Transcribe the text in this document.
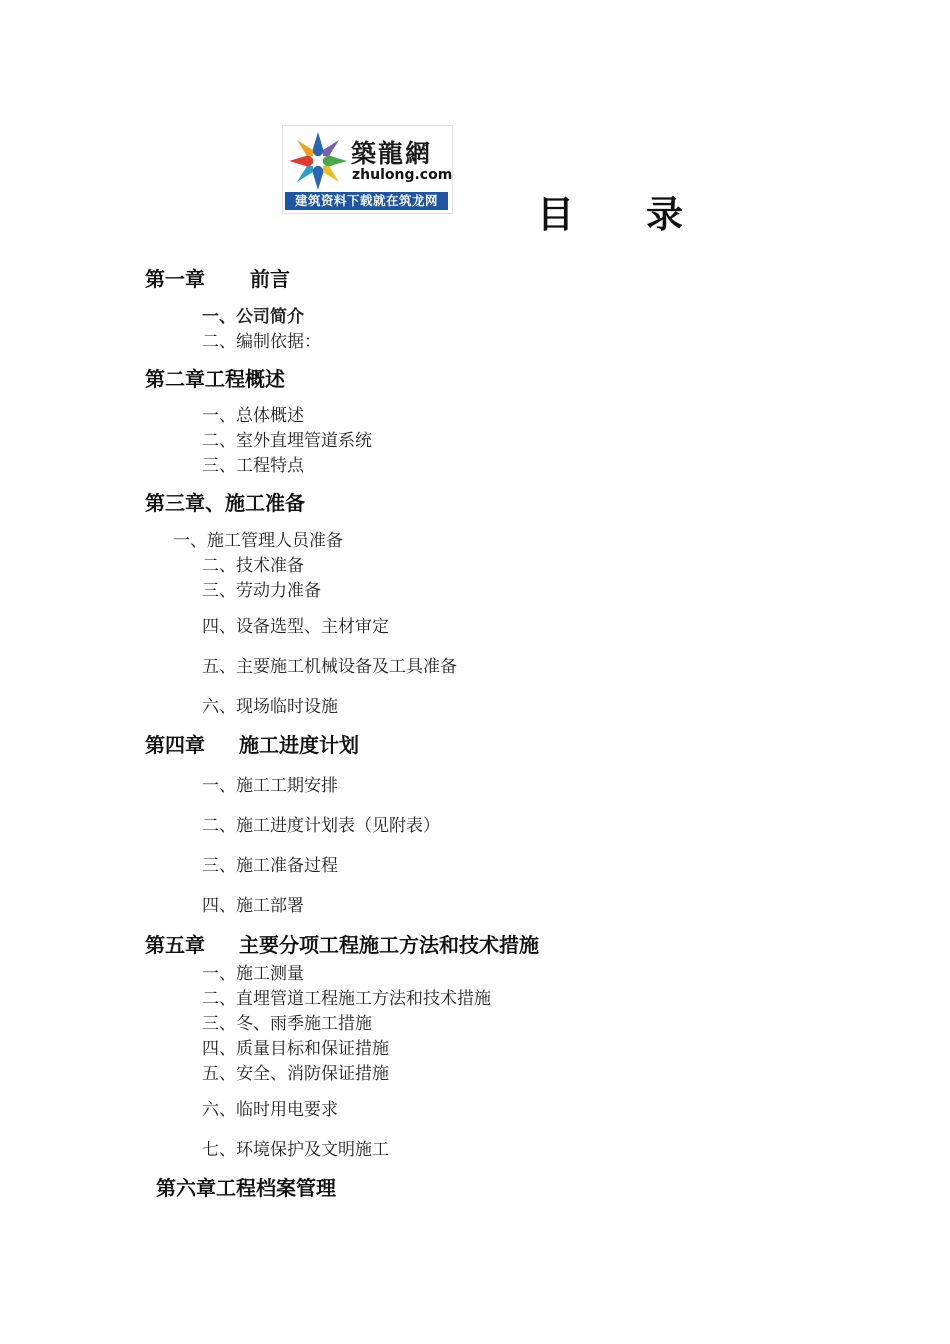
築龍網
zhulong.com
建筑资料下载就在筑龙网	目 录
第一章 前言
一、公司简介
二、编制依据：
第二章工程概述
一、总体概述
二、室外直埋管道系统
三、工程特点
第三章、施工准备
一、施工管理人员准备
二、技术准备
三、劳动力准备
四、设备选型、主材审定
五、主要施工机械设备及工具准备
六、现场临时设施
第四章 施工进度计划
一、施工工期安排
二、施工进度计划表（见附表）
三、施工准备过程
四、施工部署
第五章 主要分项工程施工方法和技术措施
一、施工测量
二、直埋管道工程施工方法和技术措施
三、冬、雨季施工措施
四、质量目标和保证措施
五、安全、消防保证措施
六、临时用电要求
七、环境保护及文明施工
第六章工程档案管理
